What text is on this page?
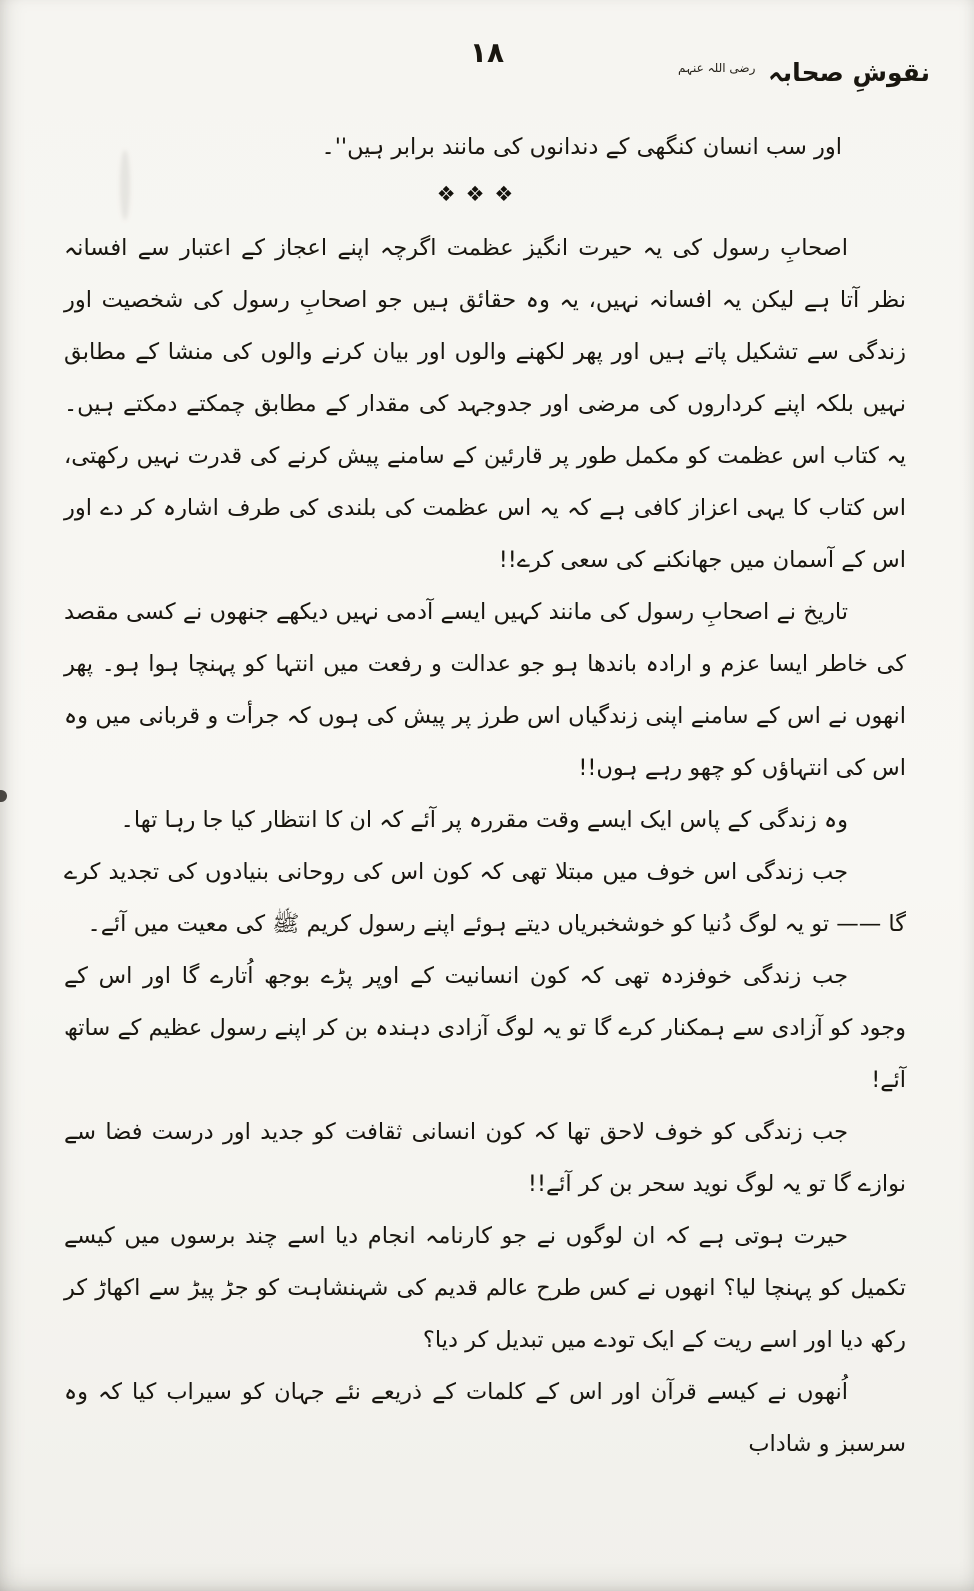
۱۸
نقوشِ صحابہ $^{رضی اللہ عنہم}$

اور سب انسان کنگھی کے دندانوں کی مانند برابر ہیں''۔

❖❖❖

اصحابِ رسول کی یہ حیرت انگیز عظمت اگرچہ اپنے اعجاز کے اعتبار سے افسانہ نظر آتا ہے لیکن یہ افسانہ نہیں، یہ وہ حقائق ہیں جو اصحابِ رسول کی شخصیت اور زندگی سے تشکیل پاتے ہیں اور پھر لکھنے والوں اور بیان کرنے والوں کی منشا کے مطابق نہیں بلکہ اپنے کرداروں کی مرضی اور جدوجہد کی مقدار کے مطابق چمکتے دمکتے ہیں۔ یہ کتاب اس عظمت کو مکمل طور پر قارئین کے سامنے پیش کرنے کی قدرت نہیں رکھتی، اس کتاب کا یہی اعزاز کافی ہے کہ یہ اس عظمت کی بلندی کی طرف اشارہ کر دے اور اس کے آسمان میں جھانکنے کی سعی کرے!!

تاریخ نے اصحابِ رسول کی مانند کہیں ایسے آدمی نہیں دیکھے جنھوں نے کسی مقصد کی خاطر ایسا عزم و ارادہ باندھا ہو جو عدالت و رفعت میں انتہا کو پہنچا ہوا ہو۔ پھر انھوں نے اس کے سامنے اپنی زندگیاں اس طرز پر پیش کی ہوں کہ جرأت و قربانی میں وہ اس کی انتہاؤں کو چھو رہے ہوں!!

وہ زندگی کے پاس ایک ایسے وقت مقررہ پر آئے کہ ان کا انتظار کیا جا رہا تھا۔

جب زندگی اس خوف میں مبتلا تھی کہ کون اس کی روحانی بنیادوں کی تجدید کرے گا —— تو یہ لوگ دُنیا کو خوشخبریاں دیتے ہوئے اپنے رسول کریم ﷺ کی معیت میں آئے۔

جب زندگی خوفزدہ تھی کہ کون انسانیت کے اوپر پڑے بوجھ اُتارے گا اور اس کے وجود کو آزادی سے ہمکنار کرے گا تو یہ لوگ آزادی دہندہ بن کر اپنے رسول عظیم کے ساتھ آئے!

جب زندگی کو خوف لاحق تھا کہ کون انسانی ثقافت کو جدید اور درست فضا سے نوازے گا تو یہ لوگ نوید سحر بن کر آئے!!

حیرت ہوتی ہے کہ ان لوگوں نے جو کارنامہ انجام دیا اسے چند برسوں میں کیسے تکمیل کو پہنچا لیا؟ انھوں نے کس طرح عالم قدیم کی شہنشاہت کو جڑ پیڑ سے اکھاڑ کر رکھ دیا اور اسے ریت کے ایک تودے میں تبدیل کر دیا؟

اُنھوں نے کیسے قرآن اور اس کے کلمات کے ذریعے نئے جہان کو سیراب کیا کہ وہ سرسبز و شاداب
